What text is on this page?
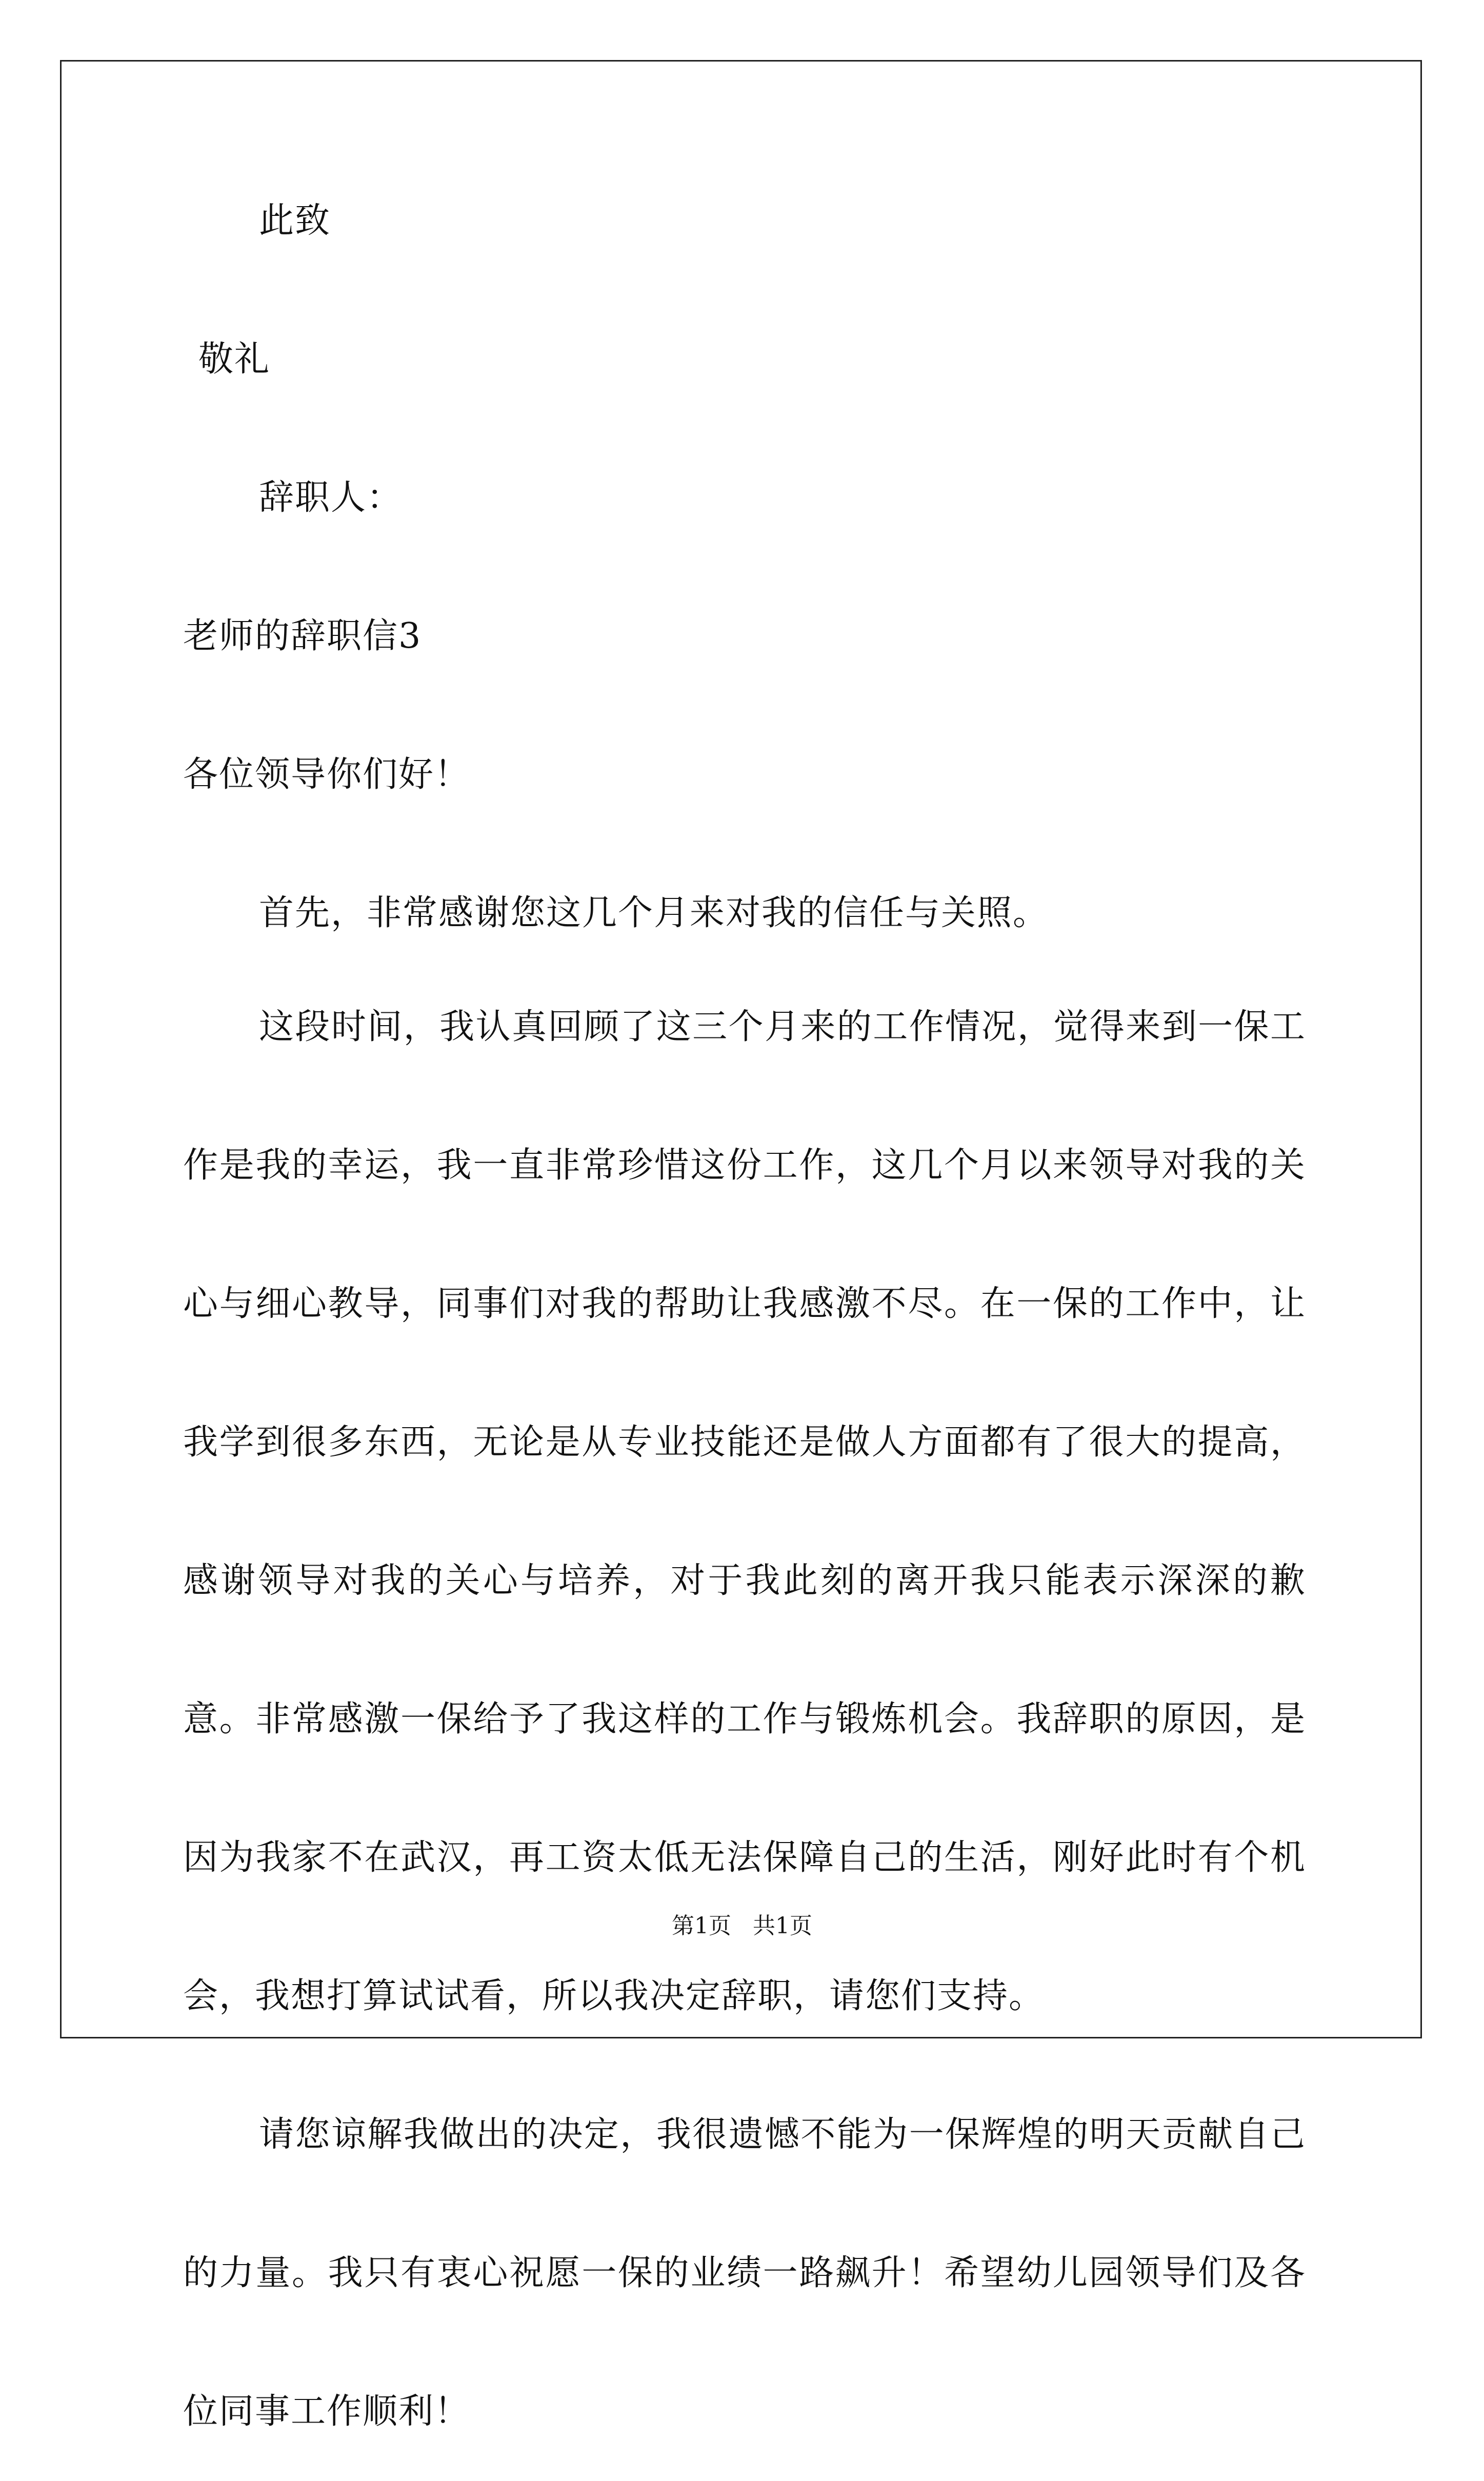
此致
敬礼
辞职人：
老师的辞职信3
各位领导你们好！
首先，非常感谢您这几个月来对我的信任与关照。
这段时间，我认真回顾了这三个月来的工作情况，觉得来到一保工作是我的幸运，我一直非常珍惜这份工作，这几个月以来领导对我的关心与细心教导，同事们对我的帮助让我感激不尽。在一保的工作中，让我学到很多东西，无论是从专业技能还是做人方面都有了很大的提高，感谢领导对我的关心与培养，对于我此刻的离开我只能表示深深的歉意。非常感激一保给予了我这样的工作与锻炼机会。我辞职的原因，是因为我家不在武汉，再工资太低无法保障自己的生活，刚好此时有个机会，我想打算试试看，所以我决定辞职，请您们支持。
请您谅解我做出的决定，我很遗憾不能为一保辉煌的明天贡献自己的力量。我只有衷心祝愿一保的业绩一路飙升！希望幼儿园领导们及各位同事工作顺利！
第1页   共1页
